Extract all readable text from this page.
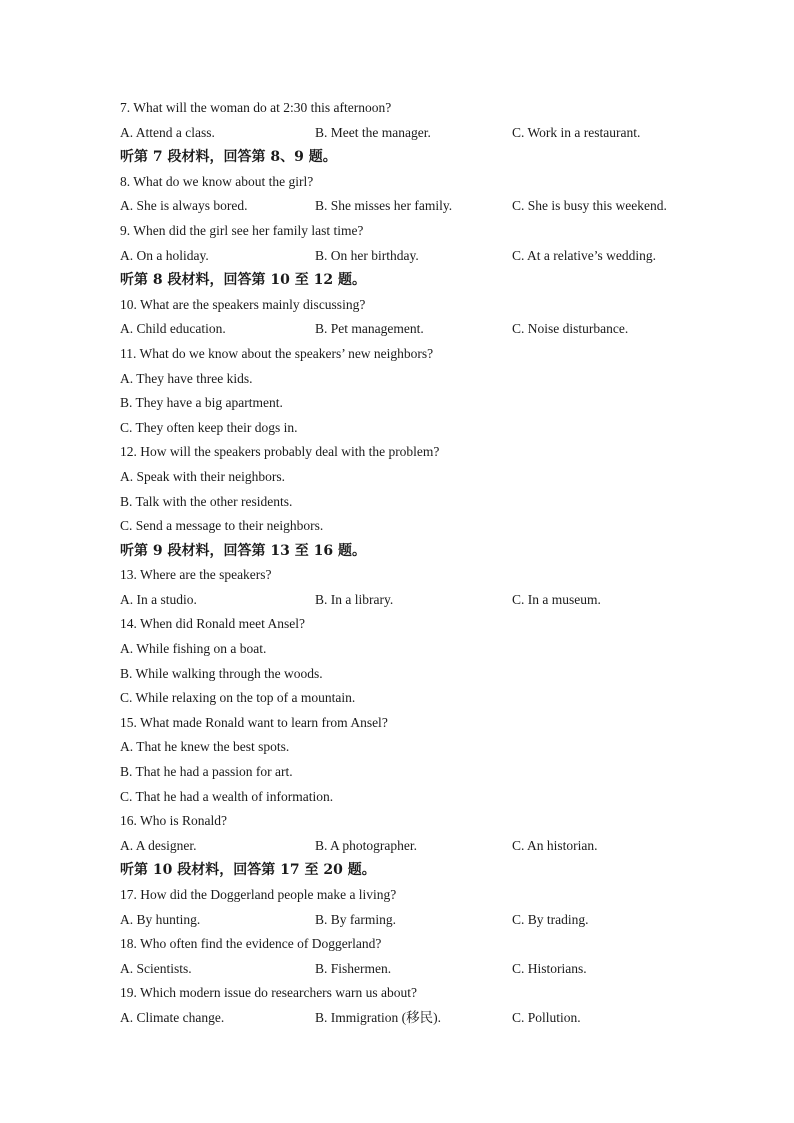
7. What will the woman do at 2:30 this afternoon?
A. Attend a class.	B. Meet the manager.	C. Work in a restaurant.
听第 7 段材料，回答第 8、9 题。
8. What do we know about the girl?
A. She is always bored.	B. She misses her family.	C. She is busy this weekend.
9. When did the girl see her family last time?
A. On a holiday.	B. On her birthday.	C. At a relative’s wedding.
听第 8 段材料，回答第 10 至 12 题。
10. What are the speakers mainly discussing?
A. Child education.	B. Pet management.	C. Noise disturbance.
11. What do we know about the speakers’ new neighbors?
A. They have three kids.
B. They have a big apartment.
C. They often keep their dogs in.
12. How will the speakers probably deal with the problem?
A. Speak with their neighbors.
B. Talk with the other residents.
C. Send a message to their neighbors.
听第 9 段材料，回答第 13 至 16 题。
13. Where are the speakers?
A. In a studio.	B. In a library.	C. In a museum.
14. When did Ronald meet Ansel?
A. While fishing on a boat.
B. While walking through the woods.
C. While relaxing on the top of a mountain.
15. What made Ronald want to learn from Ansel?
A. That he knew the best spots.
B. That he had a passion for art.
C. That he had a wealth of information.
16. Who is Ronald?
A. A designer.	B. A photographer.	C. An historian.
听第 10 段材料，回答第 17 至 20 题。
17. How did the Doggerland people make a living?
A. By hunting.	B. By farming.	C. By trading.
18. Who often find the evidence of Doggerland?
A. Scientists.	B. Fishermen.	C. Historians.
19. Which modern issue do researchers warn us about?
A. Climate change.	B. Immigration (移民).	C. Pollution.
